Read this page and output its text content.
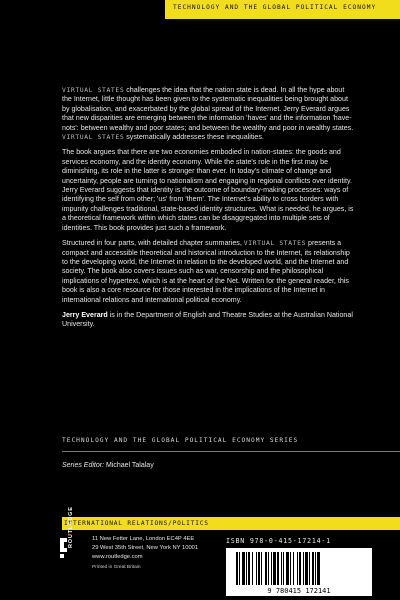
TECHNOLOGY AND THE GLOBAL POLITICAL ECONOMY

VIRTUAL STATES challenges the idea that the nation state is dead. In all the hype about the Internet, little thought has been given to the systematic inequalities being brought about by globalisation, and exacerbated by the global spread of the Internet. Jerry Everard argues that new disparities are emerging between the information 'haves' and the information 'have-nots': between wealthy and poor states; and between the wealthy and poor in wealthy states. VIRTUAL STATES systematically addresses these inequalities.

The book argues that there are two economies embodied in nation-states: the goods and services economy, and the identity economy. While the state's role in the first may be diminishing, its role in the latter is stronger than ever. In today's climate of change and uncertainty, people are turning to nationalism and engaging in regional conflicts over identity. Jerry Everard suggests that identity is the outcome of boundary-making processes: ways of identifying the self from other; 'us' from 'them'. The Internet's ability to cross borders with impunity challenges traditional, state-based identity structures. What is needed, he argues, is a theoretical framework within which states can be disaggregated into multiple sets of identities. This book provides just such a framework.

Structured in four parts, with detailed chapter summaries, VIRTUAL STATES presents a compact and accessible theoretical and historical introduction to the Internet, its relationship to the developing world, the Internet in relation to the developed world, and the Internet and society. The book also covers issues such as war, censorship and the philosophical implications of hypertext, which is at the heart of the Net. Written for the general reader, this book is also a core resource for those interested in the implications of the Internet in international relations and international political economy.

Jerry Everard is in the Department of English and Theatre Studies at the Australian National University.

TECHNOLOGY AND THE GLOBAL POLITICAL ECONOMY SERIES
Series Editor: Michael Talalay
INTERNATIONAL RELATIONS/POLITICS
ROUTLEDGE	11 New Fetter Lane, London EC4P 4EE
29 West 35th Street, New York NY 10001
www.routledge.com
Printed in Great Britain
ISBN 978-0-415-17214-1
9 780415 172141
